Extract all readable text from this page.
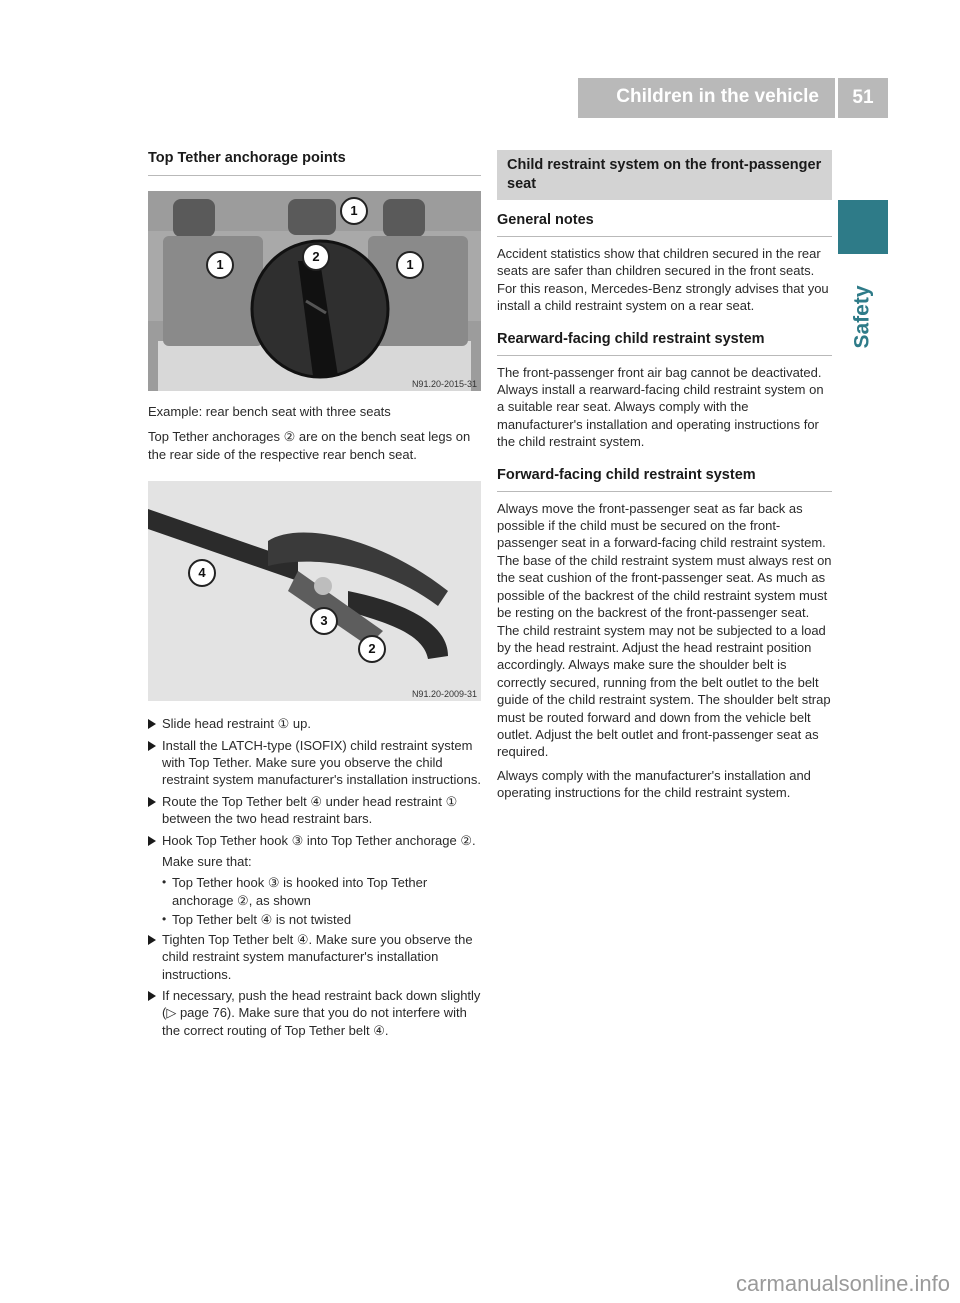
Children in the vehicle	51
Safety
Top Tether anchorage points
1
1	1
2
N91.20-2015-31

Example: rear bench seat with three seats

Top Tether anchorages ② are on the bench seat legs on the rear side of the respective rear bench seat.

4
3
2
N91.20-2009-31

Slide head restraint ① up.

Install the LATCH-type (ISOFIX) child restraint system with Top Tether. Make sure you observe the child restraint system manufacturer's installation instructions.

Route the Top Tether belt ④ under head restraint ① between the two head restraint bars.

Hook Top Tether hook ③ into Top Tether anchorage ②.

Make sure that:

• Top Tether hook ③ is hooked into Top Tether anchorage ②, as shown

• Top Tether belt ④ is not twisted

Tighten Top Tether belt ④. Make sure you observe the child restraint system manufacturer's installation instructions.

If necessary, push the head restraint back down slightly (▷ page 76). Make sure that you do not interfere with the correct routing of Top Tether belt ④.

Child restraint system on the front-passenger seat
General notes

Accident statistics show that children secured in the rear seats are safer than children secured in the front seats. For this reason, Mercedes-Benz strongly advises that you install a child restraint system on a rear seat.

Rearward-facing child restraint system

The front-passenger front air bag cannot be deactivated. Always install a rearward-facing child restraint system on a suitable rear seat. Always comply with the manufacturer's installation and operating instructions for the child restraint system.

Forward-facing child restraint system

Always move the front-passenger seat as far back as possible if the child must be secured on the front-passenger seat in a forward-facing child restraint system. The base of the child restraint system must always rest on the seat cushion of the front-passenger seat. As much as possible of the backrest of the child restraint system must be resting on the backrest of the front-passenger seat. The child restraint system may not be subjected to a load by the head restraint. Adjust the head restraint position accordingly. Always make sure the shoulder belt is correctly secured, running from the belt outlet to the belt guide of the child restraint system. The shoulder belt strap must be routed forward and down from the vehicle belt outlet. Adjust the belt outlet and front-passenger seat as required.

Always comply with the manufacturer's installation and operating instructions for the child restraint system.

carmanualsonline.info
